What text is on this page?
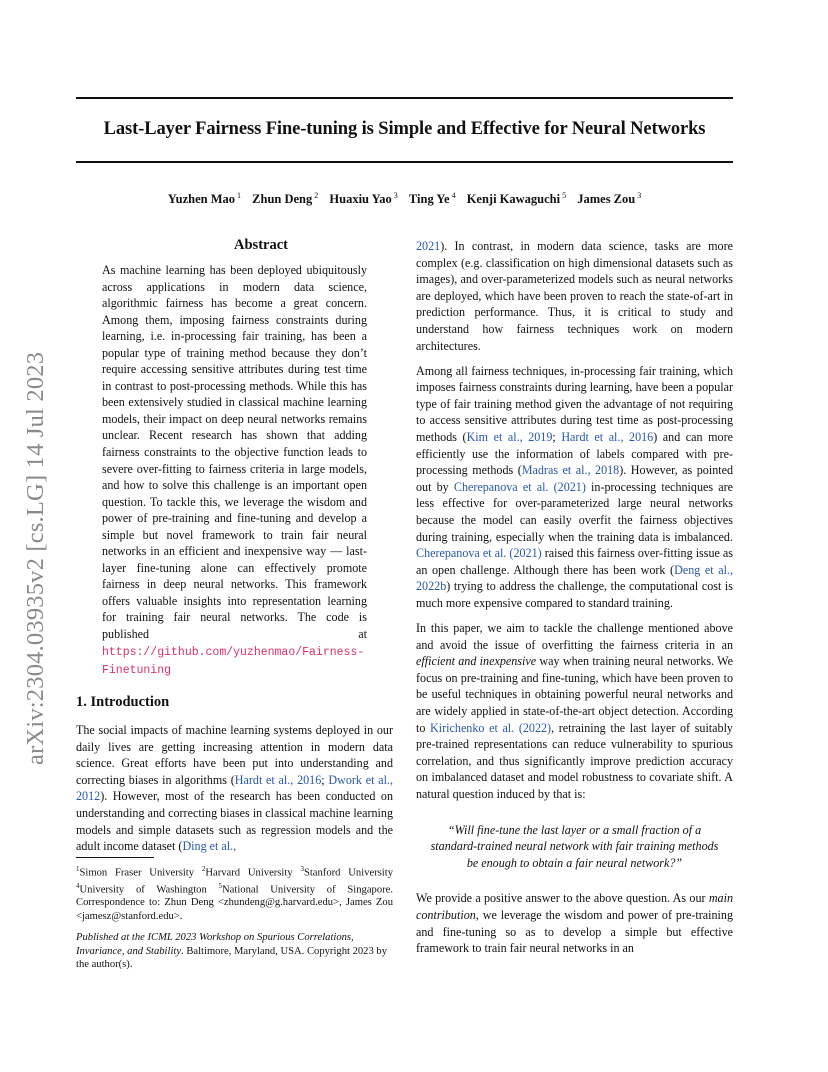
Last-Layer Fairness Fine-tuning is Simple and Effective for Neural Networks
Yuzhen Mao $^1$ Zhun Deng $^2$ Huaxiu Yao $^3$ Ting Ye $^4$ Kenji Kawaguchi $^5$ James Zou $^3$
arXiv:2304.03935v2 [cs.LG] 14 Jul 2023
Abstract
As machine learning has been deployed ubiquitously across applications in modern data science, algorithmic fairness has become a great concern. Among them, imposing fairness constraints during learning, i.e. in-processing fair training, has been a popular type of training method because they don’t require accessing sensitive attributes during test time in contrast to post-processing methods. While this has been extensively studied in classical machine learning models, their impact on deep neural networks remains unclear. Recent research has shown that adding fairness constraints to the objective function leads to severe over-fitting to fairness criteria in large models, and how to solve this challenge is an important open question. To tackle this, we leverage the wisdom and power of pre-training and fine-tuning and develop a simple but novel framework to train fair neural networks in an efficient and inexpensive way — last-layer fine-tuning alone can effectively promote fairness in deep neural networks. This framework offers valuable insights into representation learning for training fair neural networks. The code is published at https://github.com/yuzhenmao/Fairness-Finetuning
1. Introduction
The social impacts of machine learning systems deployed in our daily lives are getting increasing attention in modern data science. Great efforts have been put into understanding and correcting biases in algorithms (Hardt et al., 2016; Dwork et al., 2012). However, most of the research has been conducted on understanding and correcting biases in classical machine learning models and simple datasets such as regression models and the adult income dataset (Ding et al.,
$^1$Simon Fraser University $^2$Harvard University $^3$Stanford University $^4$University of Washington $^5$National University of Singapore. Correspondence to: Zhun Deng <zhundeng@g.harvard.edu>, James Zou <jamesz@stanford.edu>.
Published at the ICML 2023 Workshop on Spurious Correlations, Invariance, and Stability. Baltimore, Maryland, USA. Copyright 2023 by the author(s).

2021). In contrast, in modern data science, tasks are more complex (e.g. classification on high dimensional datasets such as images), and over-parameterized models such as neural networks are deployed, which have been proven to reach the state-of-art in prediction performance. Thus, it is critical to study and understand how fairness techniques work on modern architectures.

Among all fairness techniques, in-processing fair training, which imposes fairness constraints during learning, have been a popular type of fair training method given the advantage of not requiring to access sensitive attributes during test time as post-processing methods (Kim et al., 2019; Hardt et al., 2016) and can more efficiently use the information of labels compared with pre-processing methods (Madras et al., 2018). However, as pointed out by Cherepanova et al. (2021) in-processing techniques are less effective for over-parameterized large neural networks because the model can easily overfit the fairness objectives during training, especially when the training data is imbalanced. Cherepanova et al. (2021) raised this fairness over-fitting issue as an open challenge. Although there has been work (Deng et al., 2022b) trying to address the challenge, the computational cost is much more expensive compared to standard training.

In this paper, we aim to tackle the challenge mentioned above and avoid the issue of overfitting the fairness criteria in an efficient and inexpensive way when training neural networks. We focus on pre-training and fine-tuning, which have been proven to be useful techniques in obtaining powerful neural networks and are widely applied in state-of-the-art object detection. According to Kirichenko et al. (2022), retraining the last layer of suitably pre-trained representations can reduce vulnerability to spurious correlation, and thus significantly improve prediction accuracy on imbalanced dataset and model robustness to covariate shift. A natural question induced by that is:

“Will fine-tune the last layer or a small fraction of a standard-trained neural network with fair training methods be enough to obtain a fair neural network?”

We provide a positive answer to the above question. As our main contribution, we leverage the wisdom and power of pre-training and fine-tuning so as to develop a simple but effective framework to train fair neural networks in an
